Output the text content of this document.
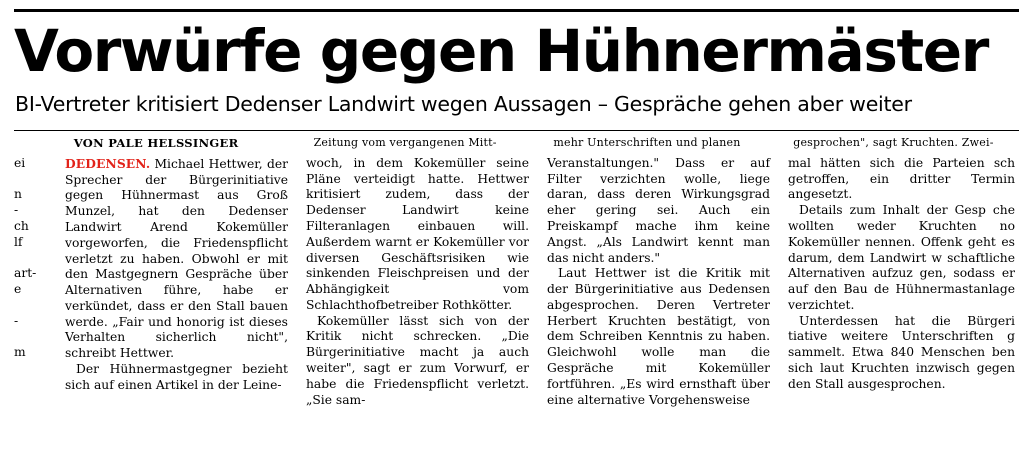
Vorwürfe gegen Hühnermäster
BI-Vertreter kritisiert Dedenser Landwirt wegen Aussagen – Gespräche gehen aber weiter
VON PALE HELSSINGER	Zeitung vom vergangenen Mitt-	mehr Unterschriften und planen	gesprochen", sagt Kruchten. Zwei-
ei

n
-
ch
lf

art-
e

-

m

DEDENSEN. Michael Hettwer, der Sprecher der Bürgerinitiative gegen Hühnermast aus Groß Munzel, hat den Dedenser Landwirt Arend Kokemüller vorgeworfen, die Friedenspflicht verletzt zu haben. Obwohl er mit den Mastgegnern Gespräche über Alternativen führe, habe er verkündet, dass er den Stall bauen werde. „Fair und honorig ist dieses Verhalten sicherlich nicht", schreibt Hettwer.

Der Hühnermastgegner bezieht sich auf einen Artikel in der Leine-

woch, in dem Kokemüller seine Pläne verteidigt hatte. Hettwer kritisiert zudem, dass der Dedenser Landwirt keine Filteranlagen einbauen will. Außerdem warnt er Kokemüller vor diversen Geschäftsrisiken wie sinkenden Fleischpreisen und der Abhängigkeit vom Schlachthofbetreiber Rothkötter.

Kokemüller lässt sich von der Kritik nicht schrecken. „Die Bürgerinitiative macht ja auch weiter", sagt er zum Vorwurf, er habe die Friedenspflicht verletzt. „Sie sam-

Veranstaltungen." Dass er auf Filter verzichten wolle, liege daran, dass deren Wirkungsgrad eher gering sei. Auch ein Preiskampf mache ihm keine Angst. „Als Landwirt kennt man das nicht anders."

Laut Hettwer ist die Kritik mit der Bürgerinitiative aus Dedensen abgesprochen. Deren Vertreter Herbert Kruchten bestätigt, von dem Schreiben Kenntnis zu haben. Gleichwohl wolle man die Gespräche mit Kokemüller fortführen. „Es wird ernsthaft über eine alternative Vorgehensweise

mal hätten sich die Parteien sch getroffen, ein dritter Termin angesetzt.

Details zum Inhalt der Gesp che wollten weder Kruchten no Kokemüller nennen. Offenk geht es darum, dem Landwirt w schaftliche Alternativen aufzuz gen, sodass er auf den Bau de Hühnermastanlage verzichtet.

Unterdessen hat die Bürgeri tiative weitere Unterschriften g sammelt. Etwa 840 Menschen ben sich laut Kruchten inzwisch gegen den Stall ausgesprochen.
